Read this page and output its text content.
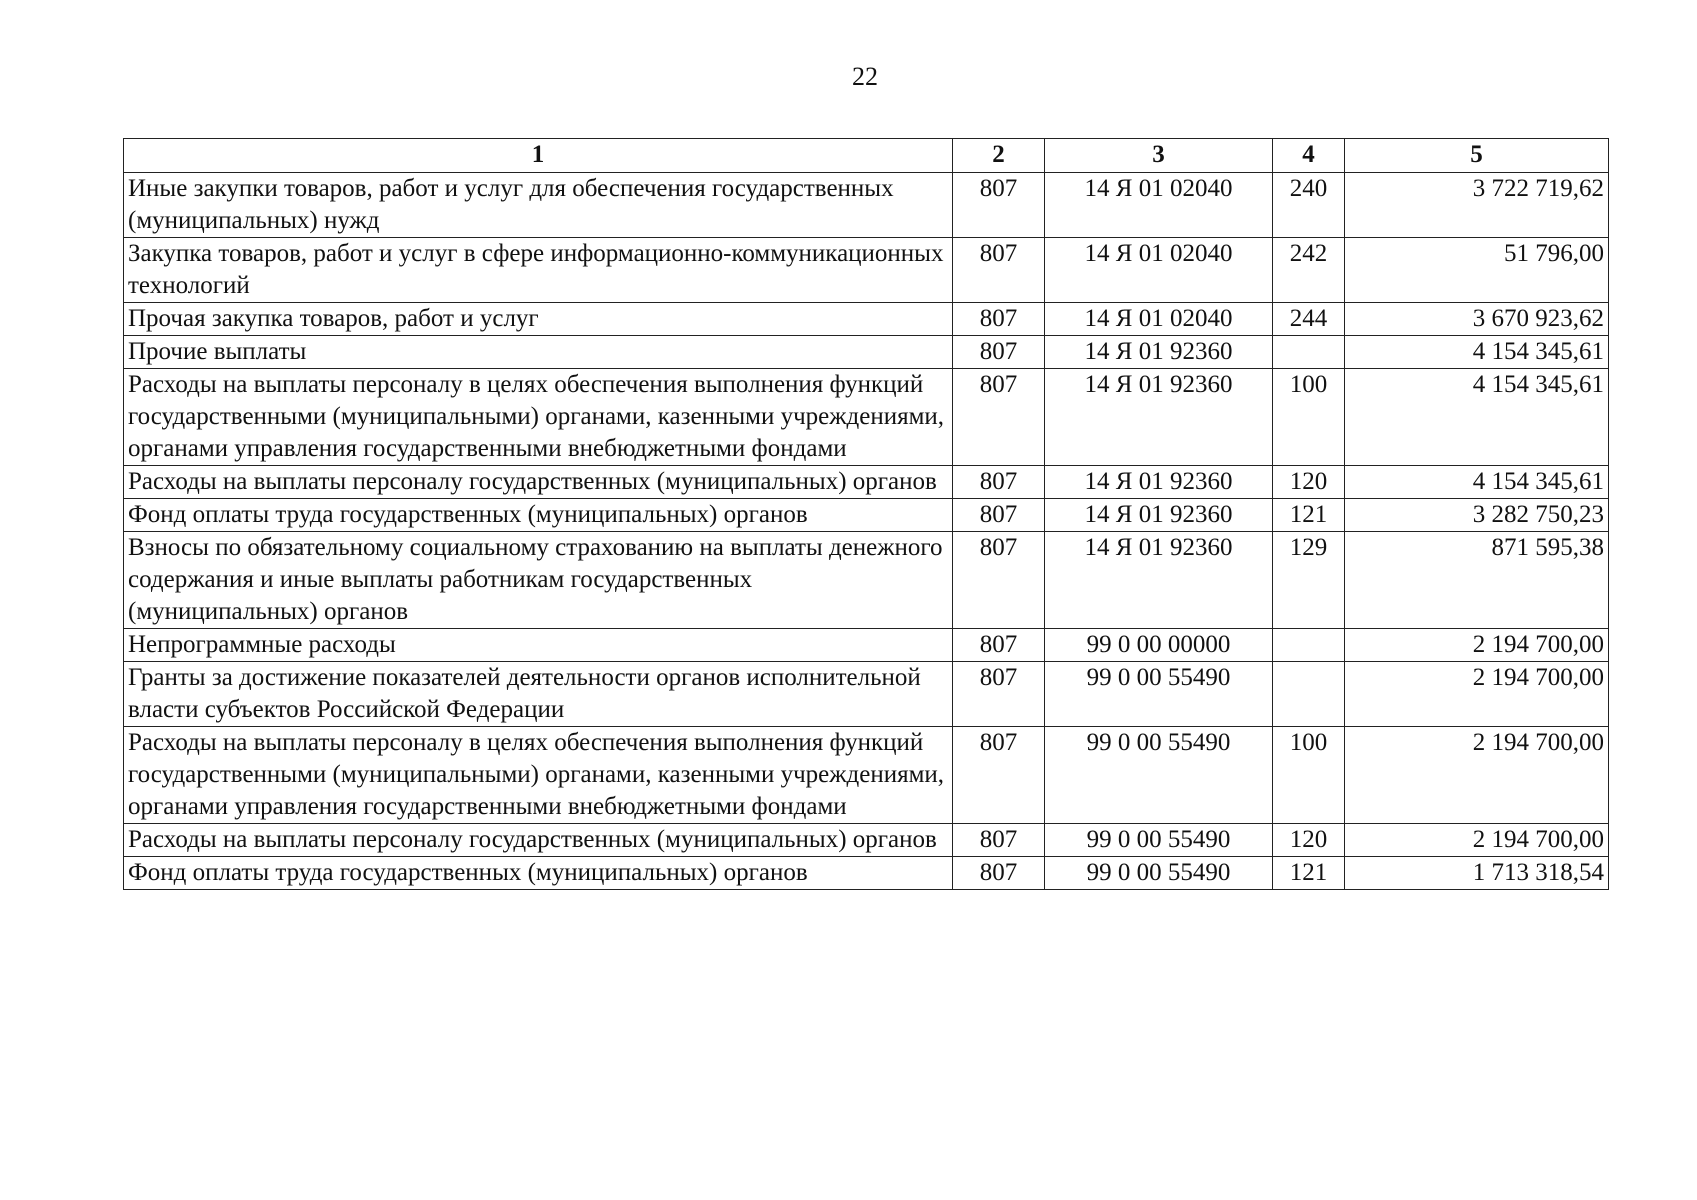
22
1	2	3	4	5
Иные закупки товаров, работ и услуг для обеспечения государственных (муниципальных) нужд	807	14 Я 01 02040	240	3 722 719,62
Закупка товаров, работ и услуг в сфере информационно-коммуникационных технологий	807	14 Я 01 02040	242	51 796,00
Прочая закупка товаров, работ и услуг	807	14 Я 01 02040	244	3 670 923,62
Прочие выплаты	807	14 Я 01 92360		4 154 345,61
Расходы на выплаты персоналу в целях обеспечения выполнения функций государственными (муниципальными) органами, казенными учреждениями, органами управления государственными внебюджетными фондами	807	14 Я 01 92360	100	4 154 345,61
Расходы на выплаты персоналу государственных (муниципальных) органов	807	14 Я 01 92360	120	4 154 345,61
Фонд оплаты труда государственных (муниципальных) органов	807	14 Я 01 92360	121	3 282 750,23
Взносы по обязательному социальному страхованию на выплаты денежного содержания и иные выплаты работникам государственных (муниципальных) органов	807	14 Я 01 92360	129	871 595,38
Непрограммные расходы	807	99 0 00 00000		2 194 700,00
Гранты за достижение показателей деятельности органов исполнительной власти субъектов Российской Федерации	807	99 0 00 55490		2 194 700,00
Расходы на выплаты персоналу в целях обеспечения выполнения функций государственными (муниципальными) органами, казенными учреждениями, органами управления государственными внебюджетными фондами	807	99 0 00 55490	100	2 194 700,00
Расходы на выплаты персоналу государственных (муниципальных) органов	807	99 0 00 55490	120	2 194 700,00
Фонд оплаты труда государственных (муниципальных) органов	807	99 0 00 55490	121	1 713 318,54
